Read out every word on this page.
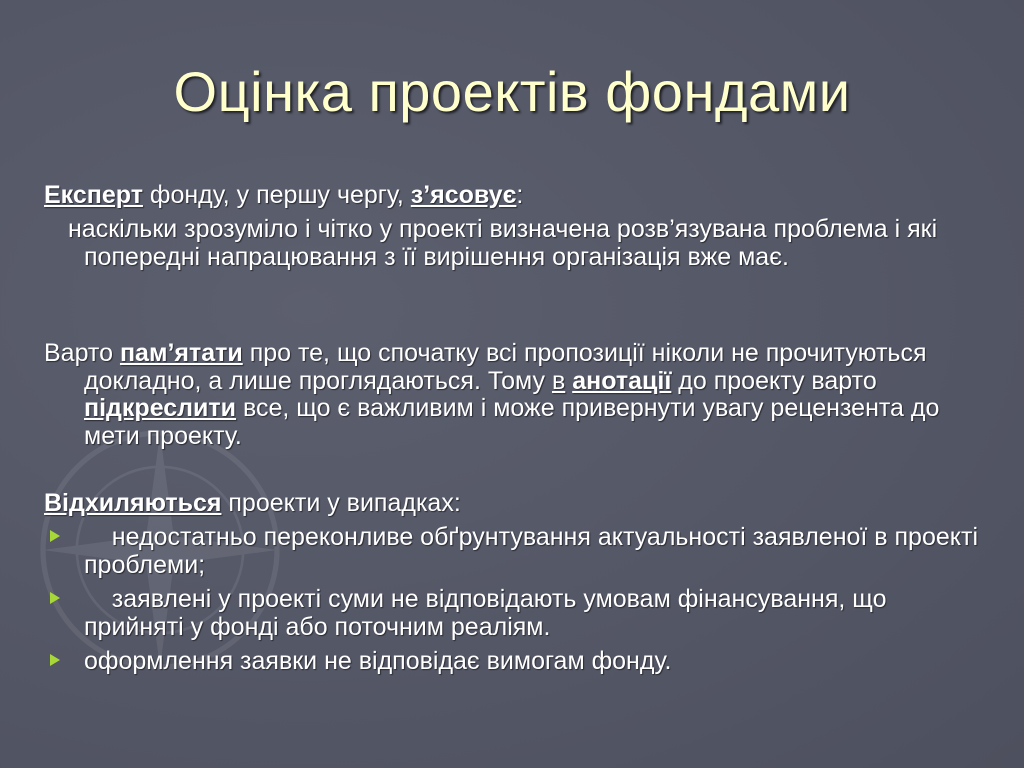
Оцінка проектів фондами
Експерт фонду, у першу чергу, з’ясовує:
наскільки зрозуміло і чітко у проекті визначена розв’язувана проблема і які попередні напрацювання з її вирішення організація вже має.
Варто пам’ятати про те, що спочатку всі пропозиції ніколи не прочитуються докладно, а лише проглядаються. Тому в анотації до проекту варто підкреслити все, що є важливим і може привернути увагу рецензента до мети проекту.
Відхиляються проекти у випадках:
недостатньо переконливе обґрунтування актуальності заявленої в проекті проблеми;
заявлені у проекті суми не відповідають умовам фінансування, що прийняті у фонді або поточним реаліям.
оформлення заявки не відповідає вимогам фонду.
